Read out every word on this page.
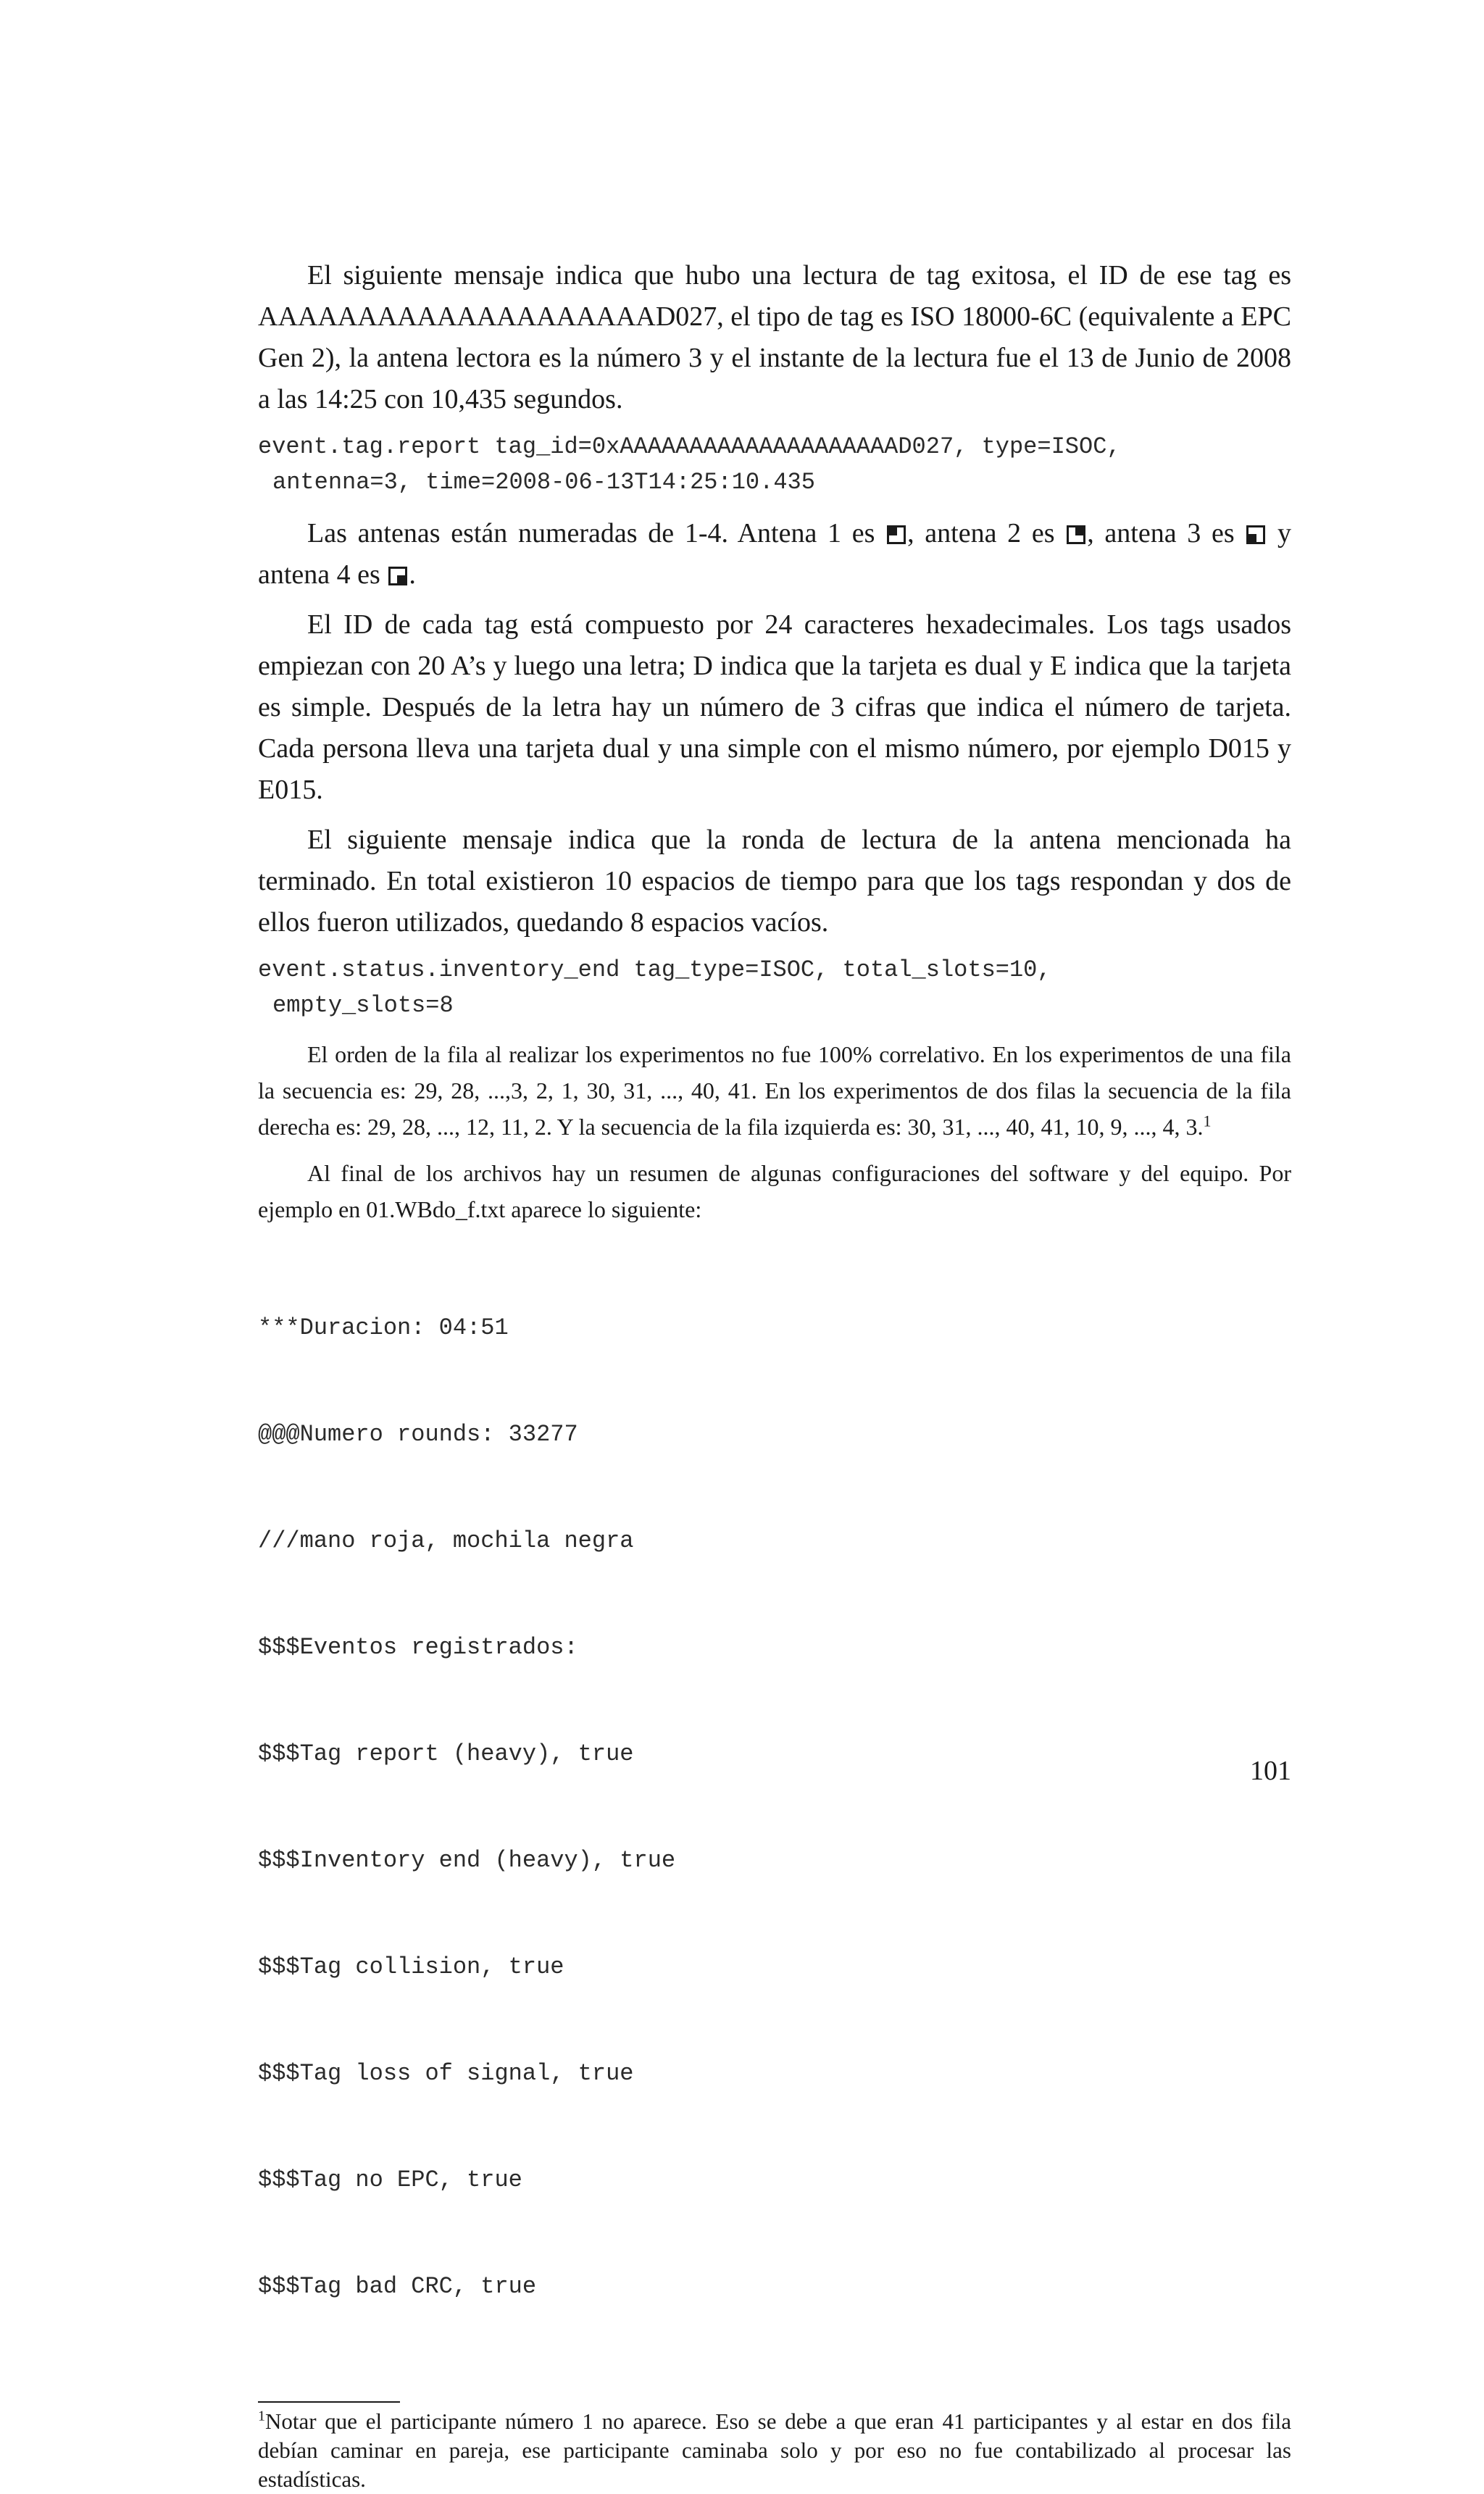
El siguiente mensaje indica que hubo una lectura de tag exitosa, el ID de ese tag es AAAAAAAAAAAAAAAAAAAAD027, el tipo de tag es ISO 18000-6C (equivalente a EPC Gen 2), la antena lectora es la número 3 y el instante de la lectura fue el 13 de Junio de 2008 a las 14:25 con 10,435 segundos.

event.tag.report tag_id=0xAAAAAAAAAAAAAAAAAAAAD027, type=ISOC,
antenna=3, time=2008-06-13T14:25:10.435

Las antenas están numeradas de 1-4. Antena 1 es
, antena 2 es
, antena 3 es
y antena 4 es
.

El ID de cada tag está compuesto por 24 caracteres hexadecimales. Los tags usados empiezan con 20 A’s y luego una letra; D indica que la tarjeta es dual y E indica que la tarjeta es simple. Después de la letra hay un número de 3 cifras que indica el número de tarjeta. Cada persona lleva una tarjeta dual y una simple con el mismo número, por ejemplo D015 y E015.

El siguiente mensaje indica que la ronda de lectura de la antena mencionada ha terminado. En total existieron 10 espacios de tiempo para que los tags respondan y dos de ellos fueron utilizados, quedando 8 espacios vacíos.

event.status.inventory_end tag_type=ISOC, total_slots=10,
empty_slots=8

El orden de la fila al realizar los experimentos no fue 100% correlativo. En los experimentos de una fila la secuencia es: 29, 28, ...,3, 2, 1, 30, 31, ..., 40, 41. En los experimentos de dos filas la secuencia de la fila derecha es: 29, 28, ..., 12, 11, 2. Y la secuencia de la fila izquierda es: 30, 31, ..., 40, 41, 10, 9, ..., 4, 3.$^1$

Al final de los archivos hay un resumen de algunas configuraciones del software y del equipo. Por ejemplo en 01.WBdo_f.txt aparece lo siguiente:

***Duracion: 04:51

@@@Numero rounds: 33277

///mano roja, mochila negra

$$$Eventos registrados:

$$$Tag report (heavy), true

$$$Inventory end (heavy), true

$$$Tag collision, true

$$$Tag loss of signal, true

$$$Tag no EPC, true

$$$Tag bad CRC, true

$^1$Notar que el participante número 1 no aparece. Eso se debe a que eran 41 participantes y al estar en dos fila debían caminar en pareja, ese participante caminaba solo y por eso no fue contabilizado al procesar las estadísticas.
101
